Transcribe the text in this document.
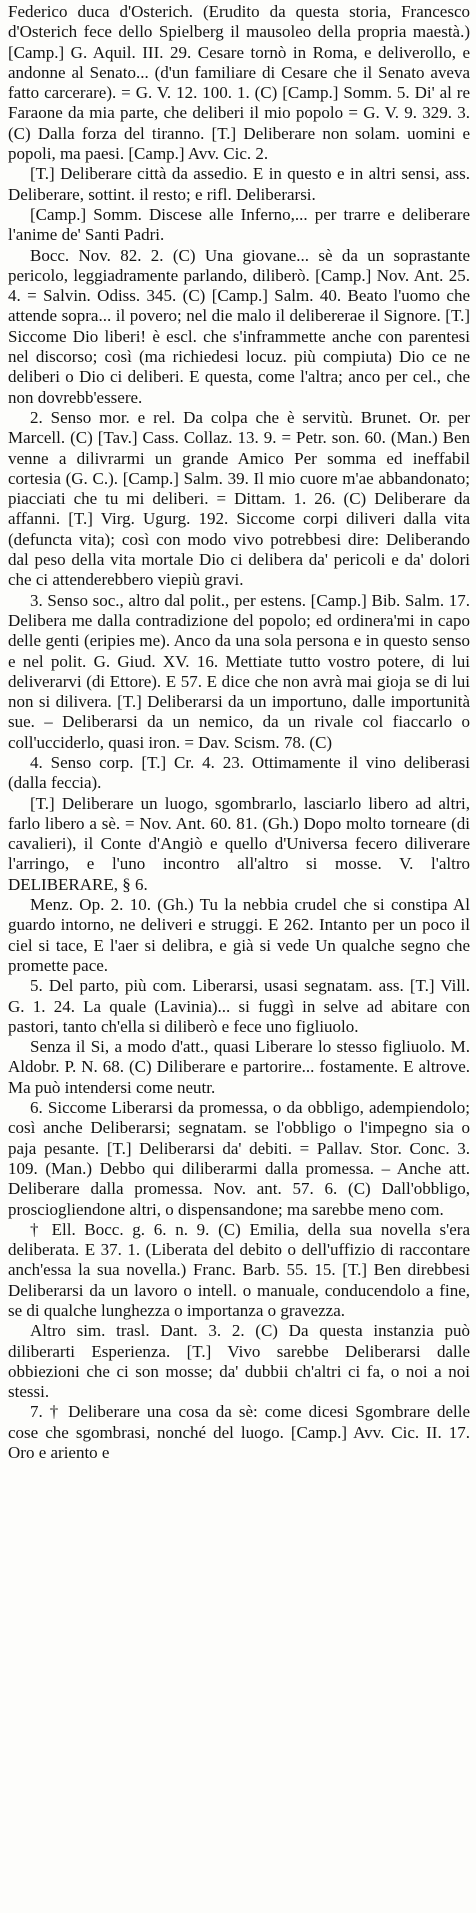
Federico duca d'Osterich. (Erudito da questa storia, Francesco d'Osterich fece dello Spielberg il mausoleo della propria maestà.) [Camp.] G. Aquil. III. 29. Cesare tornò in Roma, e deliverollo, e andonne al Senato... (d'un familiare di Cesare che il Senato aveva fatto carcerare). = G. V. 12. 100. 1. (C) [Camp.] Somm. 5. Di' al re Faraone da mia parte, che deliberi il mio popolo = G. V. 9. 329. 3. (C) Dalla forza del tiranno. [T.] Deliberare non solam. uomini e popoli, ma paesi. [Camp.] Avv. Cic. 2.

[T.] Deliberare città da assedio. E in questo e in altri sensi, ass. Deliberare, sottint. il resto; e rifl. Deliberarsi.

[Camp.] Somm. Discese alle Inferno,... per trarre e deliberare l'anime de' Santi Padri.

Bocc. Nov. 82. 2. (C) Una giovane... sè da un soprastante pericolo, leggiadramente parlando, diliberò. [Camp.] Nov. Ant. 25. 4. = Salvin. Odiss. 345. (C) [Camp.] Salm. 40. Beato l'uomo che attende sopra... il povero; nel die malo il delibererae il Signore. [T.] Siccome Dio liberi! è escl. che s'inframmette anche con parentesi nel discorso; così (ma richiedesi locuz. più compiuta) Dio ce ne deliberi o Dio ci deliberi. E questa, come l'altra; anco per cel., che non dovrebb'essere.

2. Senso mor. e rel. Da colpa che è servitù. Brunet. Or. per Marcell. (C) [Tav.] Cass. Collaz. 13. 9. = Petr. son. 60. (Man.) Ben venne a dilivrarmi un grande Amico Per somma ed ineffabil cortesia (G. C.). [Camp.] Salm. 39. Il mio cuore m'ae abbandonato; piacciati che tu mi deliberi. = Dittam. 1. 26. (C) Deliberare da affanni. [T.] Virg. Ugurg. 192. Siccome corpi diliveri dalla vita (defuncta vita); così con modo vivo potrebbesi dire: Deliberando dal peso della vita mortale Dio ci delibera da' pericoli e da' dolori che ci attenderebbero viepiù gravi.

3. Senso soc., altro dal polit., per estens. [Camp.] Bib. Salm. 17. Delibera me dalla contradizione del popolo; ed ordinera'mi in capo delle genti (eripies me). Anco da una sola persona e in questo senso e nel polit. G. Giud. XV. 16. Mettiate tutto vostro potere, di lui deliverarvi (di Ettore). E 57. E dice che non avrà mai gioja se di lui non si dilivera. [T.] Deliberarsi da un importuno, dalle importunità sue. – Deliberarsi da un nemico, da un rivale col fiaccarlo o coll'ucciderlo, quasi iron. = Dav. Scism. 78. (C)

4. Senso corp. [T.] Cr. 4. 23. Ottimamente il vino deliberasi (dalla feccia).

[T.] Deliberare un luogo, sgombrarlo, lasciarlo libero ad altri, farlo libero a sè. = Nov. Ant. 60. 81. (Gh.) Dopo molto torneare (di cavalieri), il Conte d'Angiò e quello d'Universa fecero diliverare l'arringo, e l'uno incontro all'altro si mosse. V. l'altro DELIBERARE, § 6.

Menz. Op. 2. 10. (Gh.) Tu la nebbia crudel che si constipa Al guardo intorno, ne deliveri e struggi. E 262. Intanto per un poco il ciel si tace, E l'aer si delibra, e già si vede Un qualche segno che promette pace.

5. Del parto, più com. Liberarsi, usasi segnatam. ass. [T.] Vill. G. 1. 24. La quale (Lavinia)... si fuggì in selve ad abitare con pastori, tanto ch'ella si diliberò e fece uno figliuolo.

Senza il Si, a modo d'att., quasi Liberare lo stesso figliuolo. M. Aldobr. P. N. 68. (C) Diliberare e partorire... fostamente. E altrove. Ma può intendersi come neutr.

6. Siccome Liberarsi da promessa, o da obbligo, adempiendolo; così anche Deliberarsi; segnatam. se l'obbligo o l'impegno sia o paja pesante. [T.] Deliberarsi da' debiti. = Pallav. Stor. Conc. 3. 109. (Man.) Debbo qui diliberarmi dalla promessa. – Anche att. Deliberare dalla promessa. Nov. ant. 57. 6. (C) Dall'obbligo, prosciogliendone altri, o dispensandone; ma sarebbe meno com.

† Ell. Bocc. g. 6. n. 9. (C) Emilia, della sua novella s'era deliberata. E 37. 1. (Liberata del debito o dell'uffizio di raccontare anch'essa la sua novella.) Franc. Barb. 55. 15. [T.] Ben direbbesi Deliberarsi da un lavoro o intell. o manuale, conducendolo a fine, se di qualche lunghezza o importanza o gravezza.

Altro sim. trasl. Dant. 3. 2. (C) Da questa instanzia può diliberarti Esperienza. [T.] Vivo sarebbe Deliberarsi dalle obbiezioni che ci son mosse; da' dubbii ch'altri ci fa, o noi a noi stessi.

7. † Deliberare una cosa da sè: come dicesi Sgombrare delle cose che sgombrasi, nonché del luogo. [Camp.] Avv. Cic. II. 17. Oro e ariento e
